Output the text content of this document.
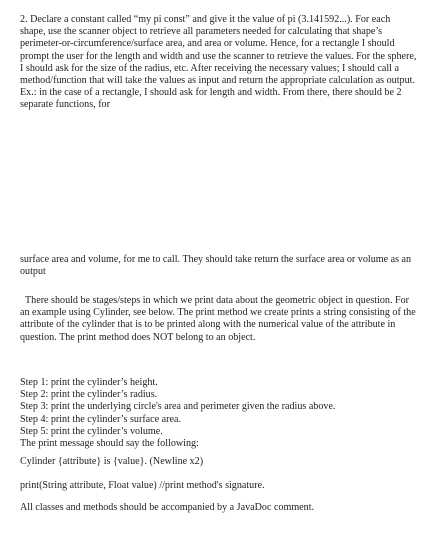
2. Declare a constant called “my pi const” and give it the value of pi (3.141592...). For each shape, use the scanner object to retrieve all parameters needed for calculating that shape’s perimeter-or-circumference/surface area, and area or volume. Hence, for a rectangle I should prompt the user for the length and width and use the scanner to retrieve the values. For the sphere, I should ask for the size of the radius, etc. After receiving the necessary values; I should call a method/function that will take the values as input and return the appropriate calculation as output. Ex.: in the case of a rectangle, I should ask for length and width. From there, there should be 2 separate functions, for

surface area and volume, for me to call. They should take return the surface area or volume as an output

There should be stages/steps in which we print data about the geometric object in question. For an example using Cylinder, see below. The print method we create prints a string consisting of the attribute of the cylinder that is to be printed along with the numerical value of the attribute in question. The print method does NOT belong to an object.

Step 1: print the cylinder’s height.

Step 2: print the cylinder’s radius.

Step 3: print the underlying circle's area and perimeter given the radius above.

Step 4: print the cylinder’s surface area.

Step 5: print the cylinder’s volume.

The print message should say the following:

Cylinder {attribute} is {value}. (Newline x2)

print(String attribute, Float value) //print method's signature.

All classes and methods should be accompanied by a JavaDoc comment.
